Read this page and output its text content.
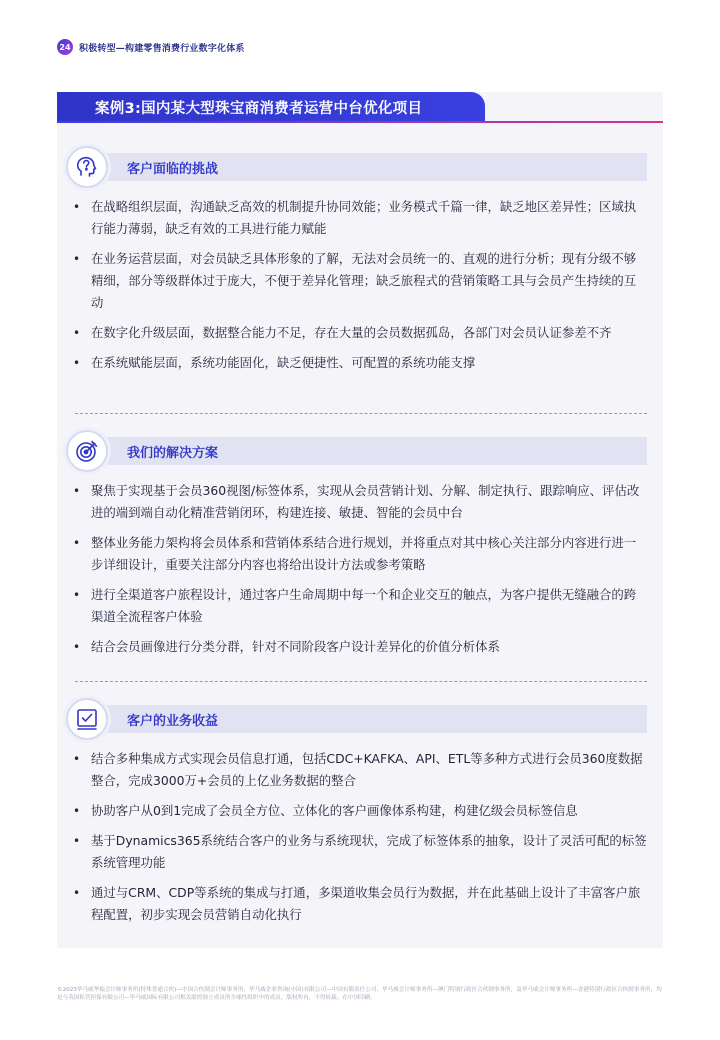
24 积极转型—构建零售消费行业数字化体系
案例3:国内某大型珠宝商消费者运营中台优化项目
客户面临的挑战
• 在战略组织层面，沟通缺乏高效的机制提升协同效能；业务模式千篇一律，缺乏地区差异性；区域执行能力薄弱，缺乏有效的工具进行能力赋能
• 在业务运营层面，对会员缺乏具体形象的了解，无法对会员统一的、直观的进行分析；现有分级不够精细，部分等级群体过于庞大，不便于差异化管理；缺乏旅程式的营销策略工具与会员产生持续的互动
• 在数字化升级层面，数据整合能力不足，存在大量的会员数据孤岛，各部门对会员认证参差不齐
• 在系统赋能层面，系统功能固化，缺乏便捷性、可配置的系统功能支撑
我们的解决方案
• 聚焦于实现基于会员360视图/标签体系，实现从会员营销计划、分解、制定执行、跟踪响应、评估改进的端到端自动化精准营销闭环，构建连接、敏捷、智能的会员中台
• 整体业务能力架构将会员体系和营销体系结合进行规划，并将重点对其中核心关注部分内容进行进一步详细设计，重要关注部分内容也将给出设计方法或参考策略
• 进行全渠道客户旅程设计，通过客户生命周期中每一个和企业交互的触点，为客户提供无缝融合的跨渠道全流程客户体验
• 结合会员画像进行分类分群，针对不同阶段客户设计差异化的价值分析体系
客户的业务收益
• 结合多种集成方式实现会员信息打通，包括CDC+KAFKA、API、ETL等多种方式进行会员360度数据整合，完成3000万+会员的上亿业务数据的整合
• 协助客户从0到1完成了会员全方位、立体化的客户画像体系构建，构建亿级会员标签信息
• 基于Dynamics365系统结合客户的业务与系统现状，完成了标签体系的抽象，设计了灵活可配的标签系统管理功能
• 通过与CRM、CDP等系统的集成与打通，多渠道收集会员行为数据，并在此基础上设计了丰富客户旅程配置，初步实现会员营销自动化执行
©2023毕马威华振会计师事务所(特殊普通合伙)—中国合伙制会计师事务所、毕马威企业咨询(中国)有限公司—中国有限责任公司、毕马威会计师事务所—澳门特别行政区合伙制事务所，及毕马威会计师事务所—香港特别行政区合伙制事务所，均是与英国私营担保有限公司—毕马威国际有限公司相关联的独立成员所全球性组织中的成员。版权所有，不得转载。在中国印刷。
